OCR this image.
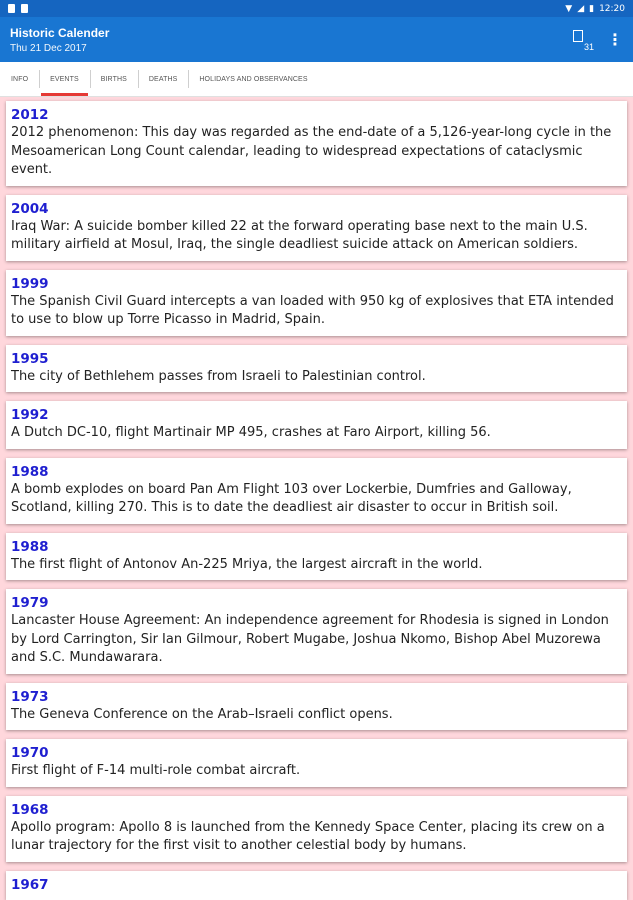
▼ ◢ ▮ 12:20
Historic Calender
Thu 21 Dec 2017	31 ⋮
INFO	EVENTS	BIRTHS	DEATHS	HOLIDAYS AND OBSERVANCES
2012
2012 phenomenon: This day was regarded as the end-date of a 5,126-year-long cycle in the Mesoamerican Long Count calendar, leading to widespread expectations of cataclysmic event.
2004
Iraq War: A suicide bomber killed 22 at the forward operating base next to the main U.S. military airfield at Mosul, Iraq, the single deadliest suicide attack on American soldiers.
1999
The Spanish Civil Guard intercepts a van loaded with 950 kg of explosives that ETA intended to use to blow up Torre Picasso in Madrid, Spain.
1995
The city of Bethlehem passes from Israeli to Palestinian control.
1992
A Dutch DC-10, flight Martinair MP 495, crashes at Faro Airport, killing 56.
1988
A bomb explodes on board Pan Am Flight 103 over Lockerbie, Dumfries and Galloway, Scotland, killing 270. This is to date the deadliest air disaster to occur in British soil.
1988
The first flight of Antonov An-225 Mriya, the largest aircraft in the world.
1979
Lancaster House Agreement: An independence agreement for Rhodesia is signed in London by Lord Carrington, Sir Ian Gilmour, Robert Mugabe, Joshua Nkomo, Bishop Abel Muzorewa and S.C. Mundawarara.
1973
The Geneva Conference on the Arab–Israeli conflict opens.
1970
First flight of F-14 multi-role combat aircraft.
1968
Apollo program: Apollo 8 is launched from the Kennedy Space Center, placing its crew on a lunar trajectory for the first visit to another celestial body by humans.
1967
